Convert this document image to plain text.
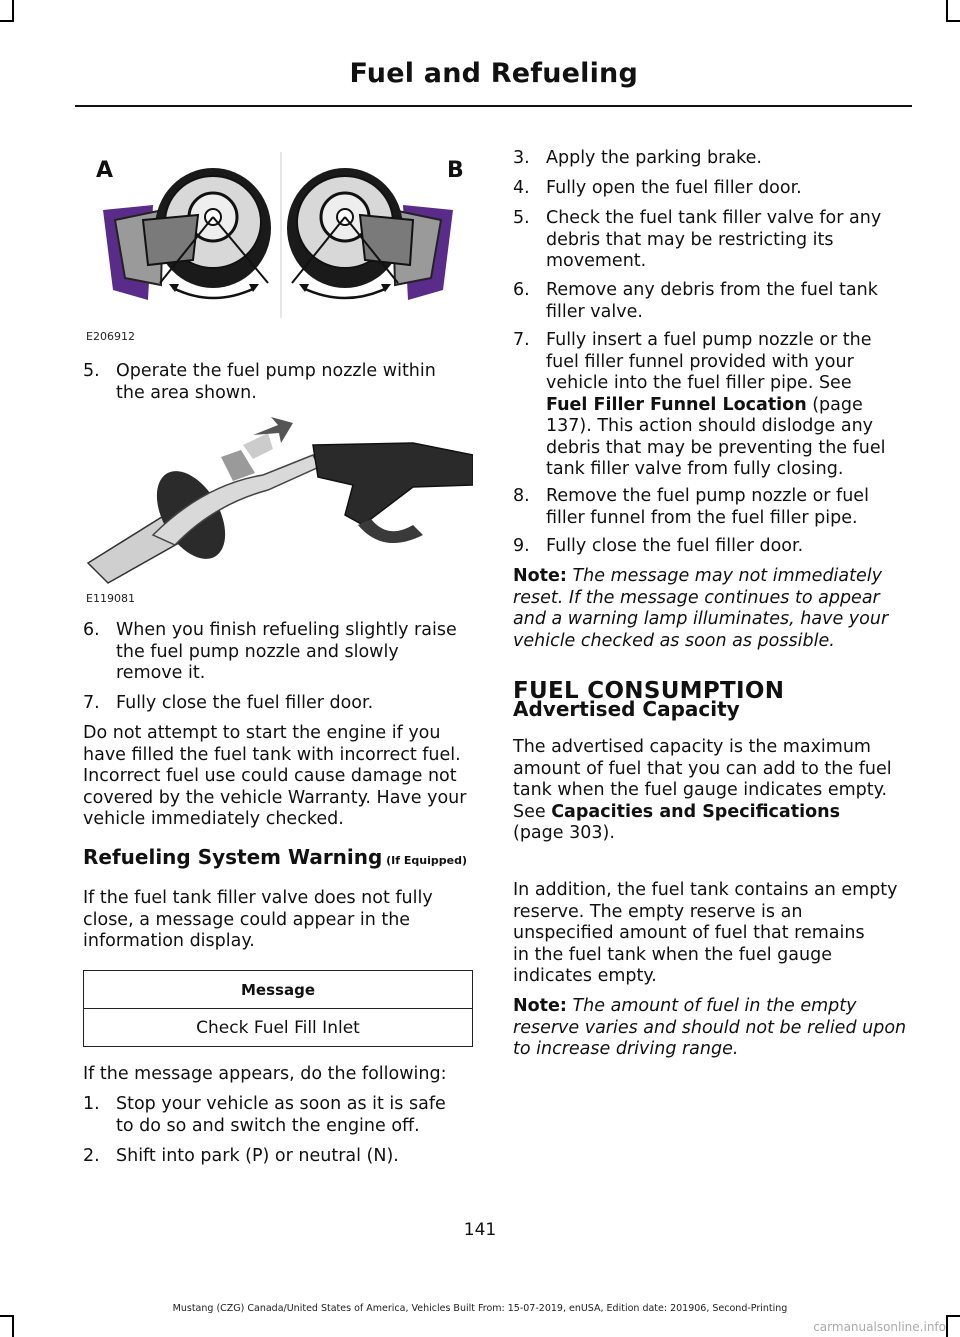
Fuel and Refueling
A	B
E206912
5. Operate the fuel pump nozzle within
the area shown.
E119081
6. When you finish refueling slightly raise
the fuel pump nozzle and slowly
remove it.
7. Fully close the fuel filler door.
Do not attempt to start the engine if you
have filled the fuel tank with incorrect fuel.
Incorrect fuel use could cause damage not
covered by the vehicle Warranty. Have your
vehicle immediately checked.
Refueling System Warning (If Equipped)
If the fuel tank filler valve does not fully
close, a message could appear in the
information display.
Message
Check Fuel Fill Inlet
If the message appears, do the following:
1. Stop your vehicle as soon as it is safe
to do so and switch the engine off.
2. Shift into park (P) or neutral (N).
3. Apply the parking brake.
4. Fully open the fuel filler door.
5. Check the fuel tank filler valve for any
debris that may be restricting its
movement.
6. Remove any debris from the fuel tank
filler valve.
7. Fully insert a fuel pump nozzle or the
fuel filler funnel provided with your
vehicle into the fuel filler pipe. See
Fuel Filler Funnel Location (page
137). This action should dislodge any
debris that may be preventing the fuel
tank filler valve from fully closing.
8. Remove the fuel pump nozzle or fuel
filler funnel from the fuel filler pipe.
9. Fully close the fuel filler door.
Note: The message may not immediately
reset. If the message continues to appear
and a warning lamp illuminates, have your
vehicle checked as soon as possible.
FUEL CONSUMPTION
Advertised Capacity
The advertised capacity is the maximum
amount of fuel that you can add to the fuel
tank when the fuel gauge indicates empty.
See Capacities and Specifications
(page 303).
In addition, the fuel tank contains an empty
reserve. The empty reserve is an
unspecified amount of fuel that remains
in the fuel tank when the fuel gauge
indicates empty.
Note: The amount of fuel in the empty
reserve varies and should not be relied upon
to increase driving range.
141
Mustang (CZG) Canada/United States of America, Vehicles Built From: 15-07-2019, enUSA, Edition date: 201906, Second-Printing
carmanualsonline.info
